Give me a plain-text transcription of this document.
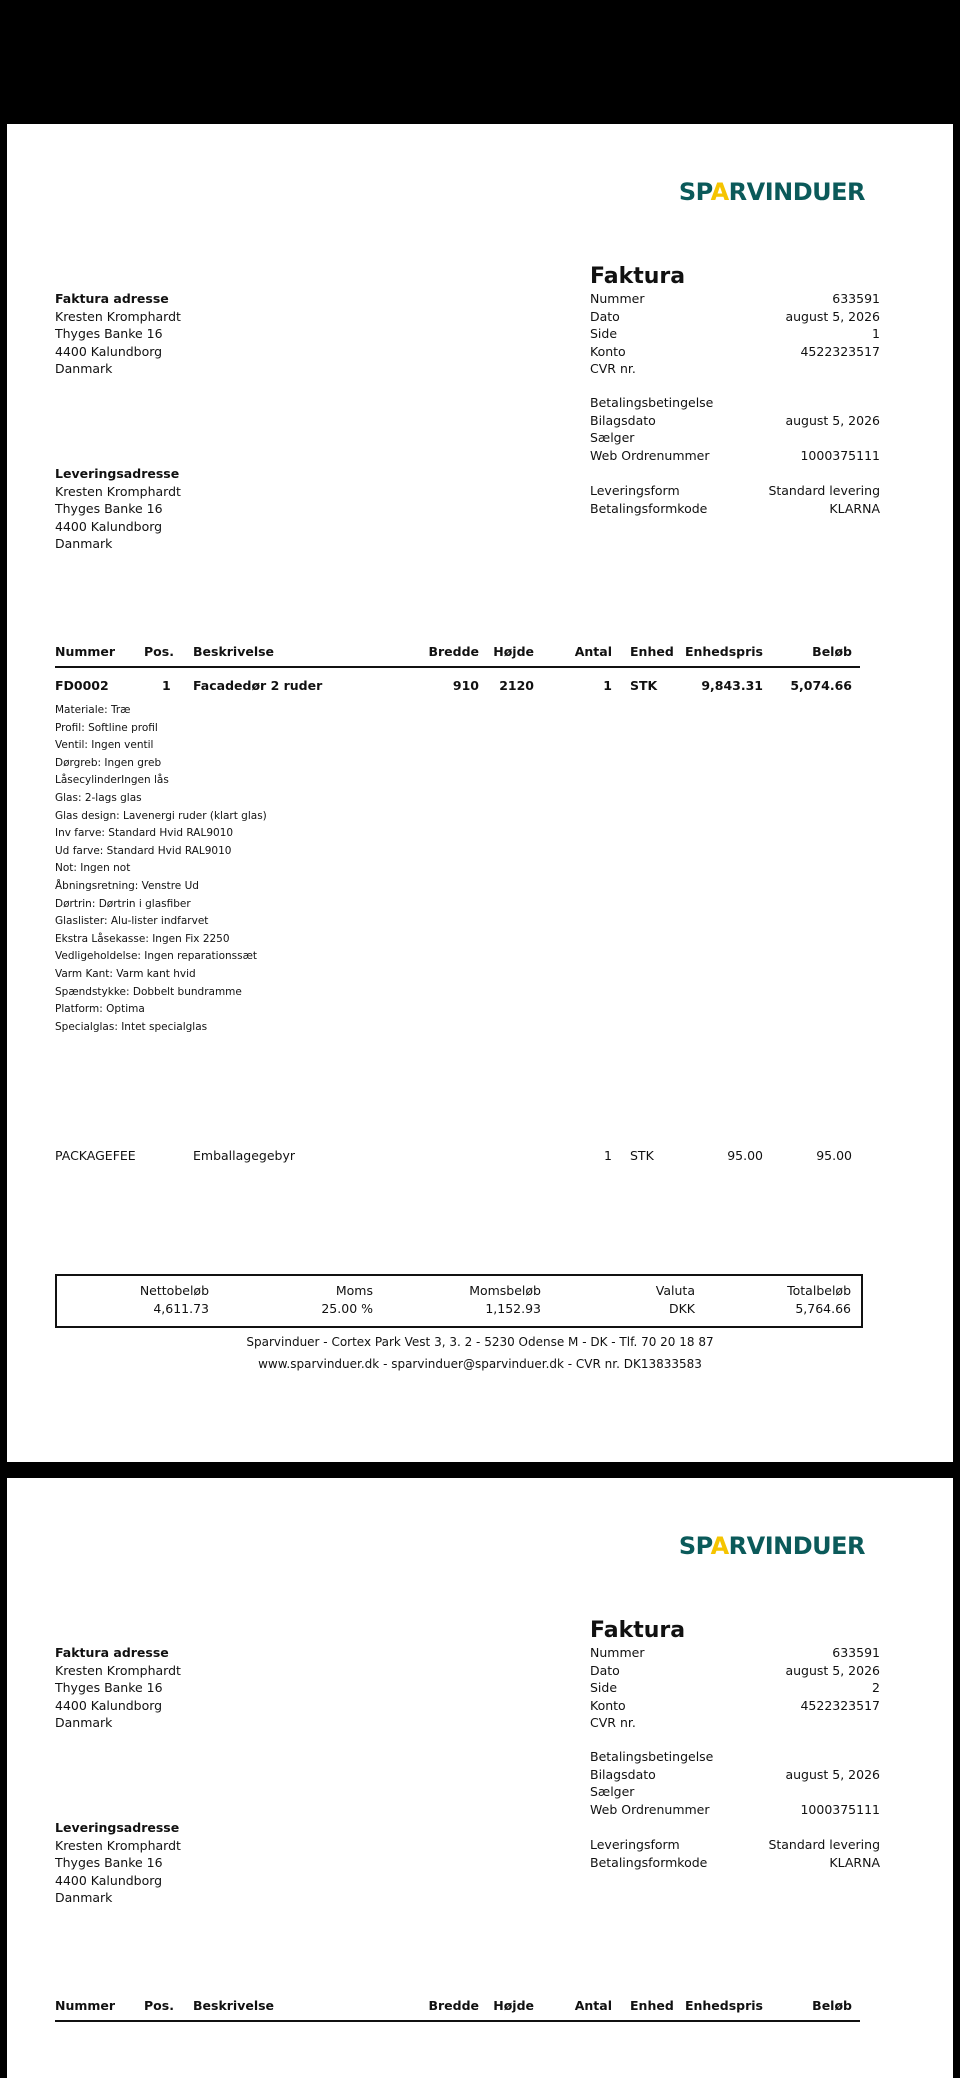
SPARVINDUER
Faktura
Nummer	633591
Dato	august 5, 2026
Side	1
Konto	4522323517
CVR nr.
Betalingsbetingelse
Bilagsdato	august 5, 2026
Sælger
Web Ordrenummer	1000375111
Leveringsform	Standard levering
Betalingsformkode	KLARNA
Faktura adresse
Kresten Kromphardt
Thyges Banke 16
4400 Kalundborg
Danmark
Leveringsadresse
Kresten Kromphardt
Thyges Banke 16
4400 Kalundborg
Danmark
Nummer Pos. Beskrivelse	Bredde Højde	Antal Enhed Enhedspris	Beløb
FD0002	1 Facadedør 2 ruder	910 2120	1 STK	9,843.31 5,074.66
Materiale: Træ
Profil: Softline profil
Ventil: Ingen ventil
Dørgreb: Ingen greb
LåsecylinderIngen lås
Glas: 2-lags glas
Glas design: Lavenergi ruder (klart glas)
Inv farve: Standard Hvid RAL9010
Ud farve: Standard Hvid RAL9010
Not: Ingen not
Åbningsretning: Venstre Ud
Dørtrin: Dørtrin i glasfiber
Glaslister: Alu-lister indfarvet
Ekstra Låsekasse: Ingen Fix 2250
Vedligeholdelse: Ingen reparationssæt
Varm Kant: Varm kant hvid
Spændstykke: Dobbelt bundramme
Platform: Optima
Specialglas: Intet specialglas
PACKAGEFEE	Emballagegebyr	1 STK	95.00	95.00
Nettobeløb
4,611.73
Moms
25.00 %
Momsbeløb
1,152.93
Valuta
DKK
Totalbeløb
5,764.66
Sparvinduer - Cortex Park Vest 3, 3. 2 - 5230 Odense M - DK - Tlf. 70 20 18 87
www.sparvinduer.dk - sparvinduer@sparvinduer.dk - CVR nr. DK13833583
SPARVINDUER
Faktura
Nummer	633591
Dato	august 5, 2026
Side	2
Konto	4522323517
CVR nr.
Betalingsbetingelse
Bilagsdato	august 5, 2026
Sælger
Web Ordrenummer	1000375111
Leveringsform	Standard levering
Betalingsformkode	KLARNA
Faktura adresse
Kresten Kromphardt
Thyges Banke 16
4400 Kalundborg
Danmark
Leveringsadresse
Kresten Kromphardt
Thyges Banke 16
4400 Kalundborg
Danmark
Nummer Pos. Beskrivelse	Bredde Højde	Antal Enhed Enhedspris	Beløb
